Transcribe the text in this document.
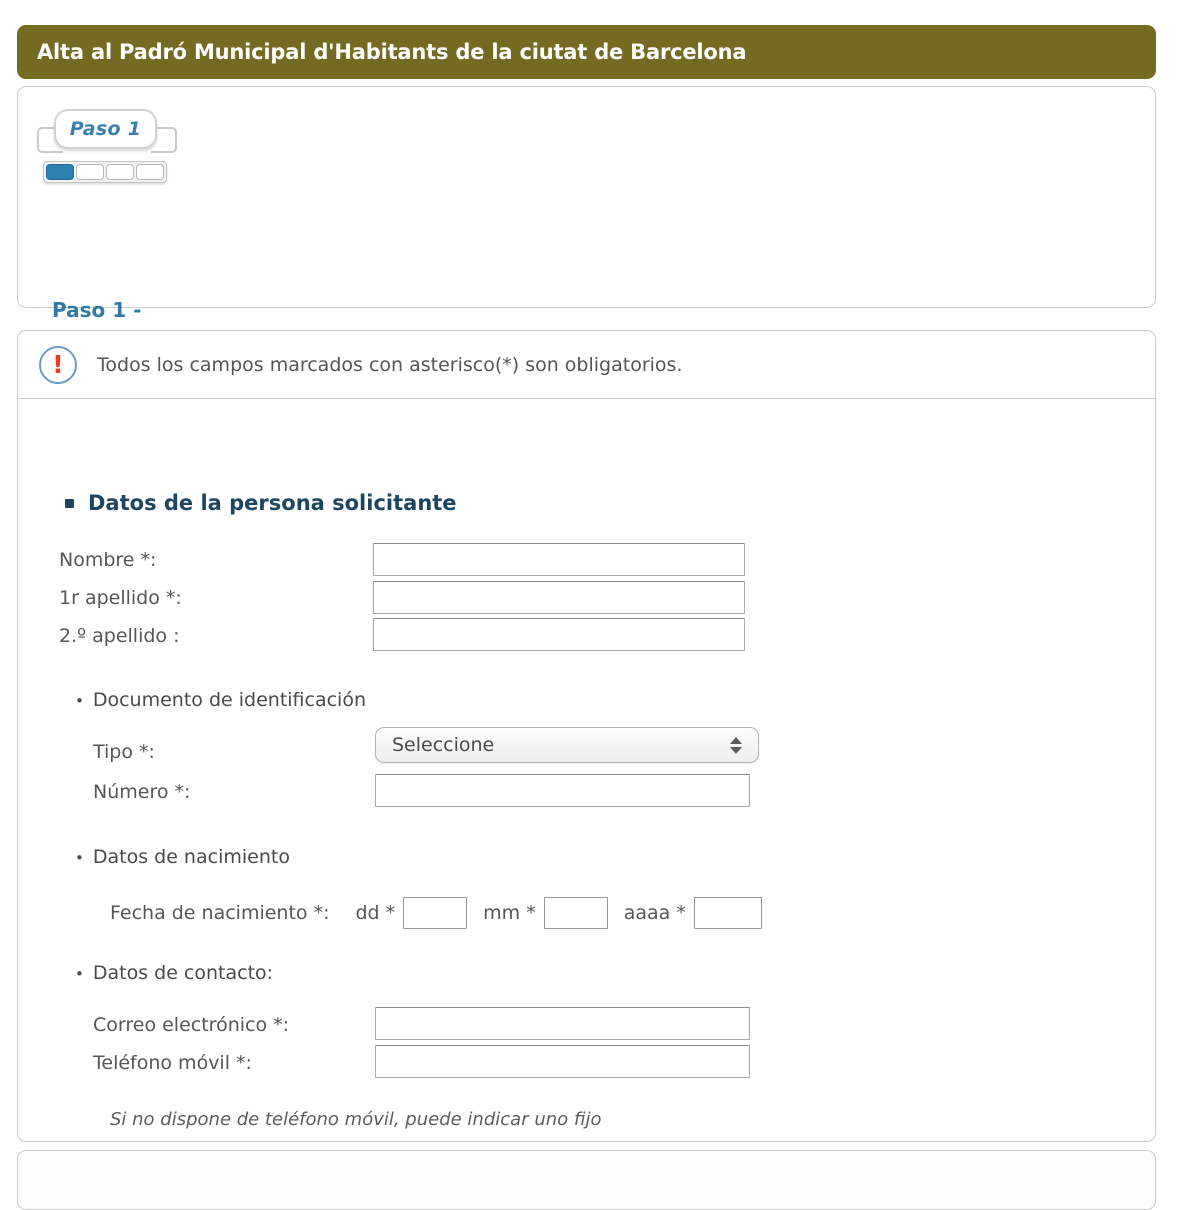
Alta al Padró Municipal d'Habitants de la ciutat de Barcelona
Paso 1
Paso 1 -
! Todos los campos marcados con asterisco(*) son obligatorios.
Datos de la persona solicitante
Nombre *:
1r apellido *:
2.º apellido :
• Documento de identificación
Tipo *:	Seleccione
Número *:
• Datos de nacimiento
Fecha de nacimiento *: dd *	mm *	aaaa *
• Datos de contacto:
Correo electrónico *:
Teléfono móvil *:
Si no dispone de teléfono móvil, puede indicar uno fijo
